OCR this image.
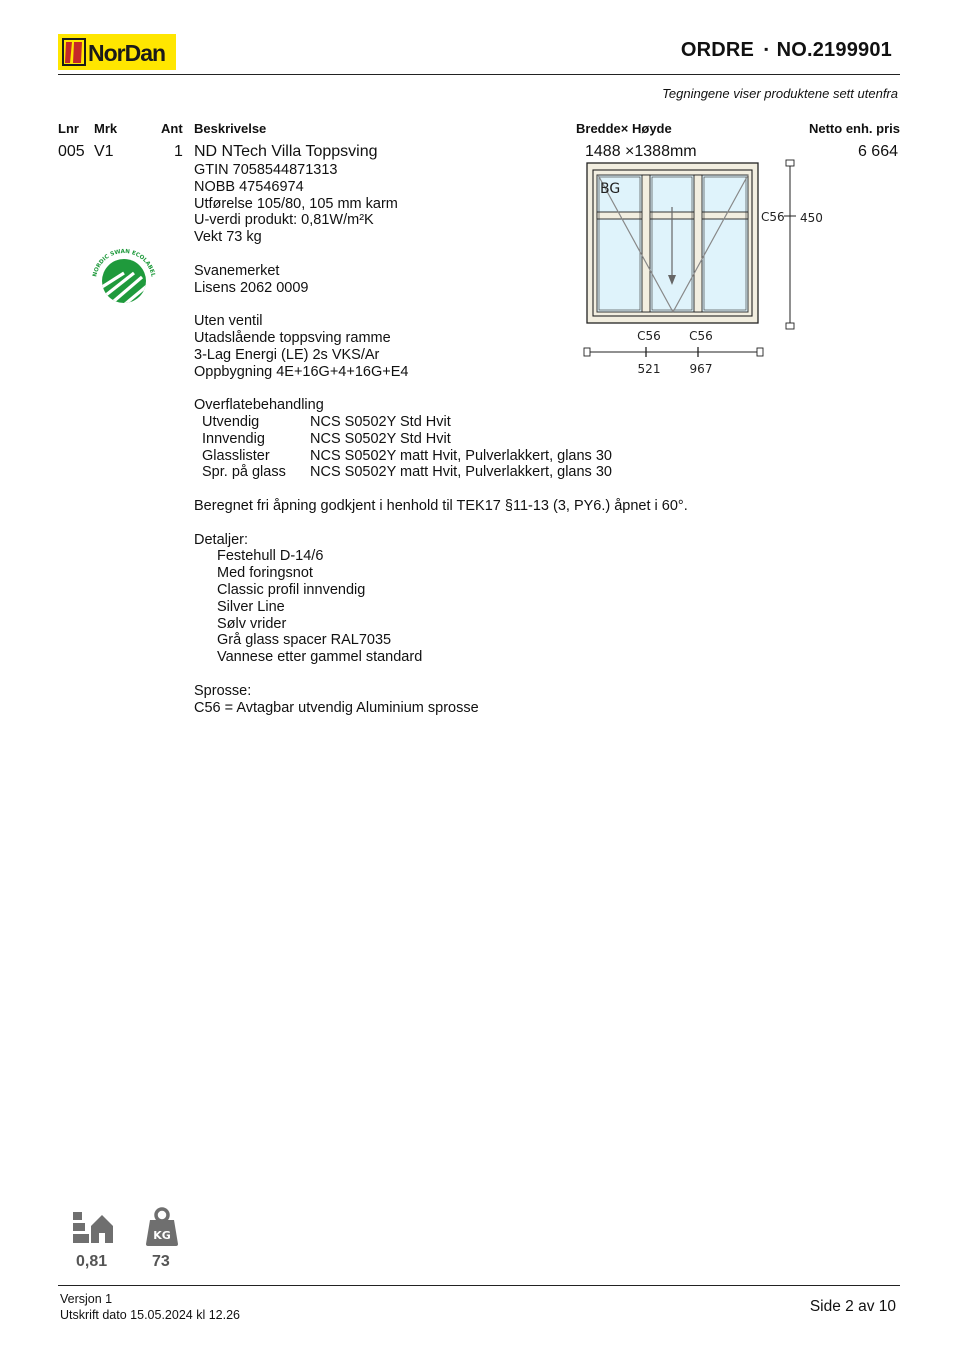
NorDan	ORDRE ▪ NO.2199901
Tegningene viser produktene sett utenfra
Lnr Mrk	Ant Beskrivelse	Bredde× Høyde	Netto enh. pris
005 V1	1 ND NTech Villa Toppsving	1488 ×1388mm	6 664
GTIN 7058544871313
NOBB 47546974
Utførelse 105/80, 105 mm karm
U-verdi produkt: 0,81W/m²K
Vekt 73 kg
Svanemerket
Lisens 2062 0009
Uten ventil
Utadslående toppsving ramme
3-Lag Energi (LE) 2s VKS/Ar
Oppbygning 4E+16G+4+16G+E4
Overflatebehandling
Utvendig	NCS S0502Y Std Hvit
Innvendig	NCS S0502Y Std Hvit
Glasslister	NCS S0502Y matt Hvit, Pulverlakkert, glans 30
Spr. på glass NCS S0502Y matt Hvit, Pulverlakkert, glans 30
Beregnet fri åpning godkjent i henhold til TEK17 §11-13 (3, PY6.) åpnet i 60°.
Detaljer:
Festehull D-14/6
Med foringsnot
Classic profil innvendig
Silver Line
Sølv vrider
Grå glass spacer RAL7035
Vannese etter gammel standard
Sprosse:
C56 = Avtagbar utvendig Aluminium sprosse
NORDIC SWAN ECOLABEL
BG
C56 450
C56 C56
521 967
0,81
KG
73
Versjon 1
Utskrift dato 15.05.2024 kl 12.26	Side 2 av 10
